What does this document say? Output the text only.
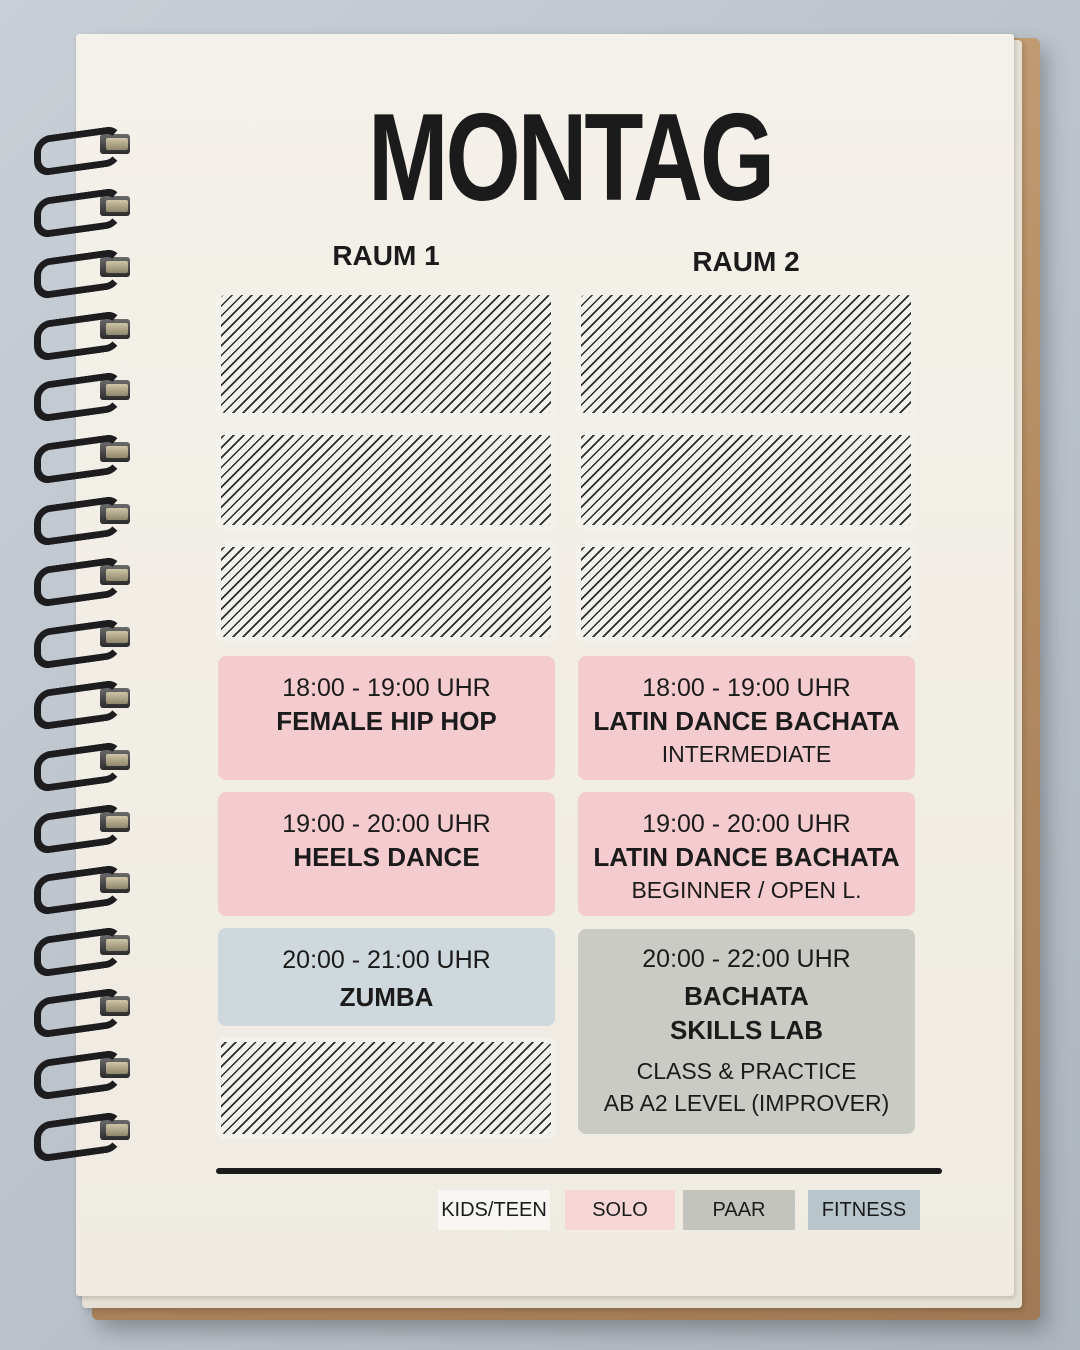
MONTAG
RAUM 1	RAUM 2
18:00 - 19:00 UHR
FEMALE HIP HOP
19:00 - 20:00 UHR
HEELS DANCE
20:00 - 21:00 UHR
ZUMBA
18:00 - 19:00 UHR
LATIN DANCE BACHATA
INTERMEDIATE
19:00 - 20:00 UHR
LATIN DANCE BACHATA
BEGINNER / OPEN L.
20:00 - 22:00 UHR
BACHATA
SKILLS LAB
CLASS & PRACTICE
AB A2 LEVEL (IMPROVER)
KIDS/TEEN	SOLO	PAAR	FITNESS
